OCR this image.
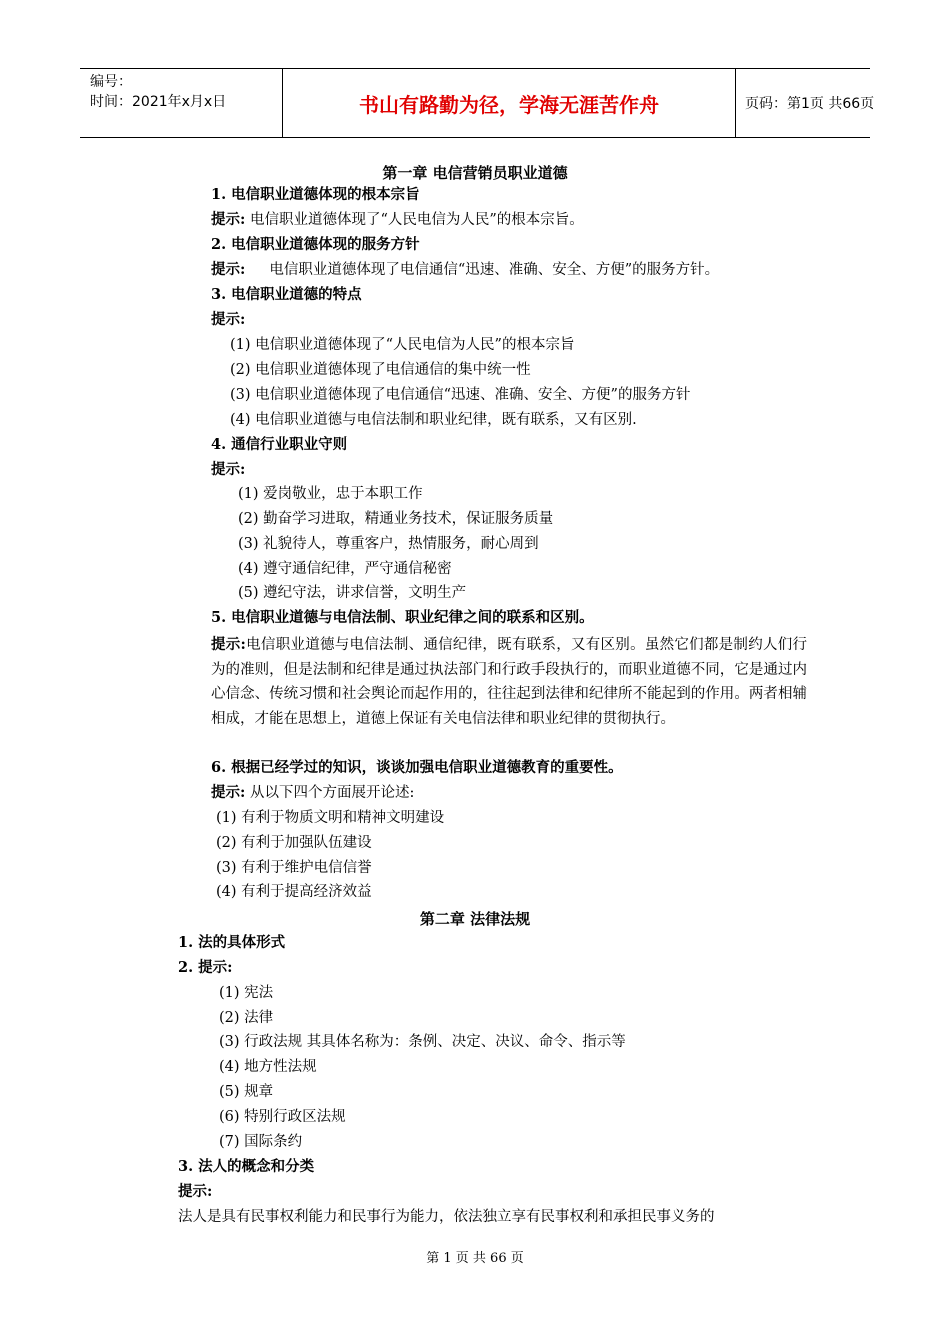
编号：
时间：2021年x月x日	书山有路勤为径，学海无涯苦作舟	页码：第1页 共66页
第一章 电信营销员职业道德
1. 电信职业道德体现的根本宗旨
提示: 电信职业道德体现了“人民电信为人民”的根本宗旨。
2. 电信职业道德体现的服务方针
提示: 电信职业道德体现了电信通信“迅速、准确、安全、方便”的服务方针。
3. 电信职业道德的特点
提示:
(1) 电信职业道德体现了“人民电信为人民”的根本宗旨
(2) 电信职业道德体现了电信通信的集中统一性
(3) 电信职业道德体现了电信通信“迅速、准确、安全、方便”的服务方针
(4) 电信职业道德与电信法制和职业纪律，既有联系，又有区别.
4. 通信行业职业守则
提示:
(1) 爱岗敬业，忠于本职工作
(2) 勤奋学习进取，精通业务技术，保证服务质量
(3) 礼貌待人，尊重客户，热情服务，耐心周到
(4) 遵守通信纪律，严守通信秘密
(5) 遵纪守法，讲求信誉，文明生产
5. 电信职业道德与电信法制、职业纪律之间的联系和区别。
提示:电信职业道德与电信法制、通信纪律，既有联系，又有区别。虽然它们都是制约人们行为的准则，但是法制和纪律是通过执法部门和行政手段执行的，而职业道德不同，它是通过内心信念、传统习惯和社会舆论而起作用的，往往起到法律和纪律所不能起到的作用。两者相辅相成，才能在思想上，道德上保证有关电信法律和职业纪律的贯彻执行。
6. 根据已经学过的知识，谈谈加强电信职业道德教育的重要性。
提示: 从以下四个方面展开论述:
(1) 有利于物质文明和精神文明建设
(2) 有利于加强队伍建设
(3) 有利于维护电信信誉
(4) 有利于提高经济效益
第二章 法律法规
1. 法的具体形式
2. 提示:
(1) 宪法
(2) 法律
(3) 行政法规 其具体名称为：条例、决定、决议、命令、指示等
(4) 地方性法规
(5) 规章
(6) 特别行政区法规
(7) 国际条约
3. 法人的概念和分类
提示:
法人是具有民事权利能力和民事行为能力，依法独立享有民事权利和承担民事义务的
第 1 页 共 66 页
